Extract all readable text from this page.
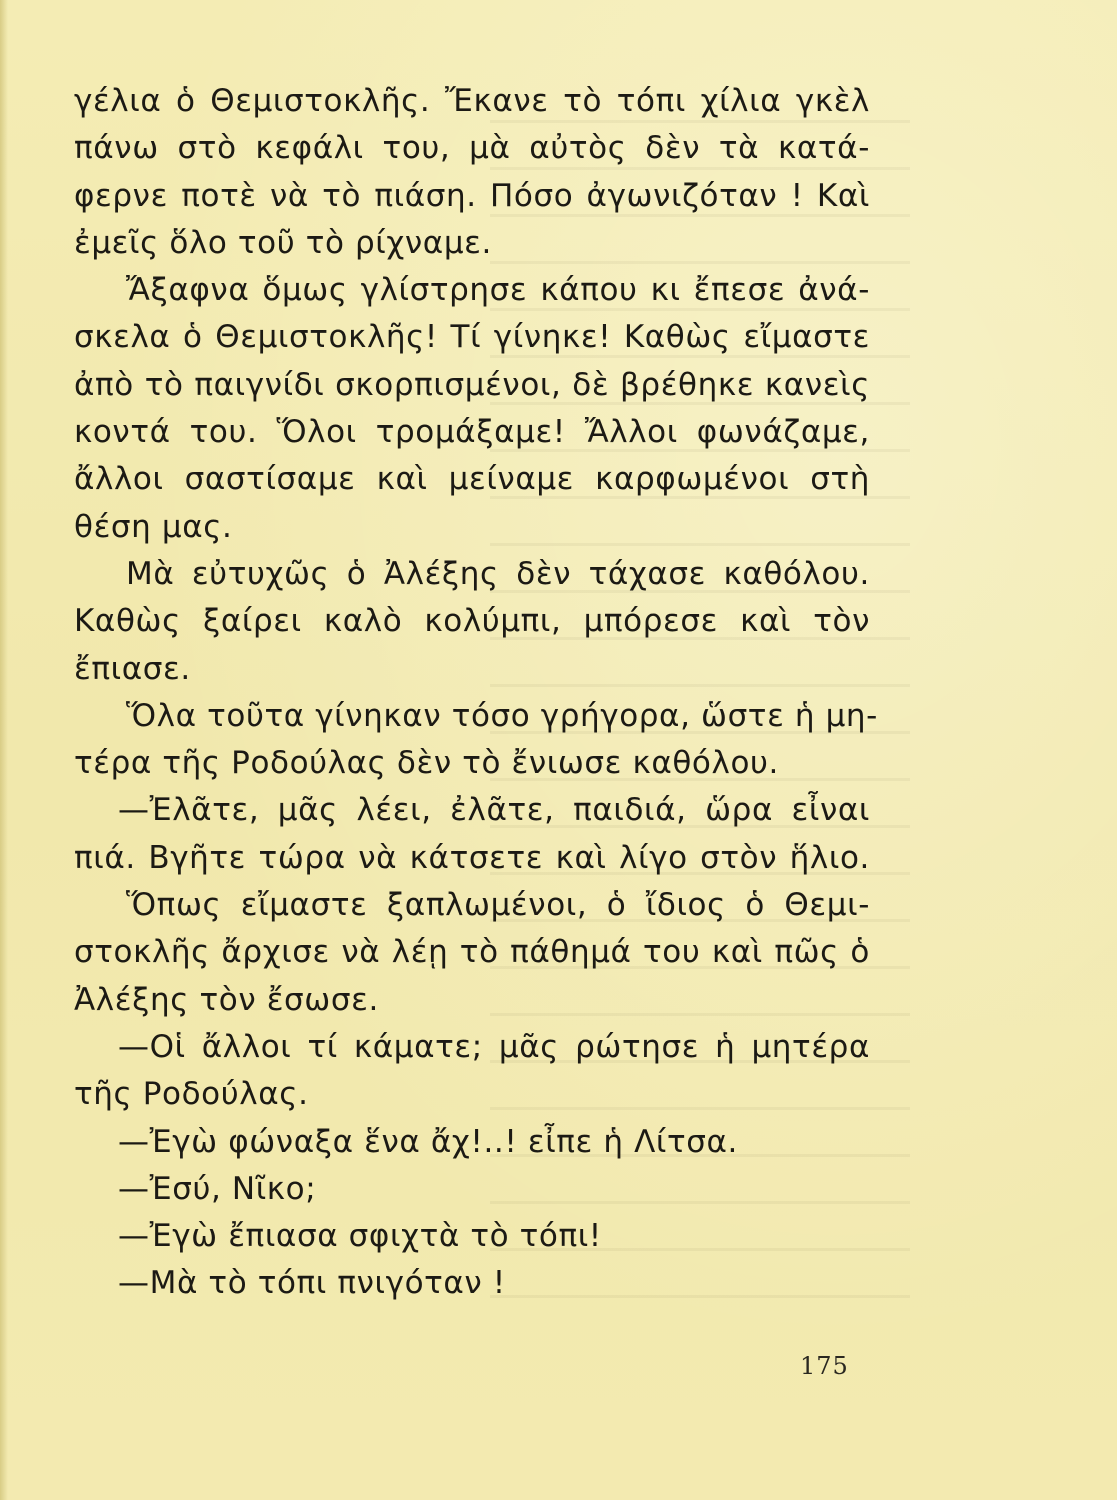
γέλια ὁ Θεμιστοκλῆς. Ἔκανε τὸ τόπι χίλια γκὲλ
πάνω στὸ κεφάλι του, μὰ αὐτὸς δὲν τὰ κατά-
φερνε ποτὲ νὰ τὸ πιάση. Πόσο ἀγωνιζόταν ! Καὶ
ἐμεῖς ὅλο τοῦ τὸ ρίχναμε.
Ἄξαφνα ὅμως γλίστρησε κάπου κι ἔπεσε ἀνά-
σκελα ὁ Θεμιστοκλῆς! Τί γίνηκε! Καθὼς εἴμαστε
ἀπὸ τὸ παιγνίδι σκορπισμένοι, δὲ βρέθηκε κανεὶς
κοντά του. Ὅλοι τρομάξαμε! Ἄλλοι φωνάζαμε,
ἄλλοι σαστίσαμε καὶ μείναμε καρφωμένοι στὴ
θέση μας.
Μὰ εὐτυχῶς ὁ Ἀλέξης δὲν τάχασε καθόλου.
Καθὼς ξαίρει καλὸ κολύμπι, μπόρεσε καὶ τὸν
ἔπιασε.
Ὅλα τοῦτα γίνηκαν τόσο γρήγορα, ὥστε ἡ μη-
τέρα τῆς Ροδούλας δὲν τὸ ἔνιωσε καθόλου.
—Ἐλᾶτε, μᾶς λέει, ἐλᾶτε, παιδιά, ὥρα εἶναι
πιά. Βγῆτε τώρα νὰ κάτσετε καὶ λίγο στὸν ἥλιο.
Ὅπως εἴμαστε ξαπλωμένοι, ὁ ἴδιος ὁ Θεμι-
στοκλῆς ἄρχισε νὰ λέῃ τὸ πάθημά του καὶ πῶς ὁ
Ἀλέξης τὸν ἔσωσε.
—Οἱ ἄλλοι τί κάματε; μᾶς ρώτησε ἡ μητέρα
τῆς Ροδούλας.
—Ἐγὼ φώναξα ἕνα ἄχ!..! εἶπε ἡ Λίτσα.
—Ἐσύ, Νῖκο;
—Ἐγὼ ἔπιασα σφιχτὰ τὸ τόπι!
—Μὰ τὸ τόπι πνιγόταν !
175
